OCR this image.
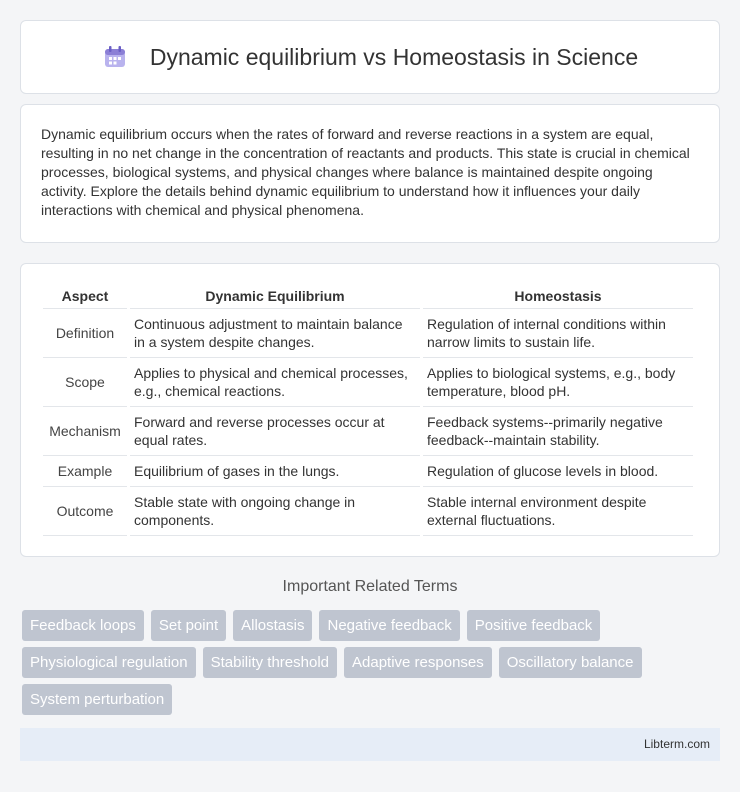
Dynamic equilibrium vs Homeostasis in Science

Dynamic equilibrium occurs when the rates of forward and reverse reactions in a system are equal, resulting in no net change in the concentration of reactants and products. This state is crucial in chemical processes, biological systems, and physical changes where balance is maintained despite ongoing activity. Explore the details behind dynamic equilibrium to understand how it influences your daily interactions with chemical and physical phenomena.

Aspect	Dynamic Equilibrium	Homeostasis
Definition	Continuous adjustment to maintain balance in a system despite changes.	Regulation of internal conditions within narrow limits to sustain life.
Scope	Applies to physical and chemical processes, e.g., chemical reactions.	Applies to biological systems, e.g., body temperature, blood pH.
Mechanism	Forward and reverse processes occur at equal rates.	Feedback systems--primarily negative feedback--maintain stability.
Example	Equilibrium of gases in the lungs.	Regulation of glucose levels in blood.
Outcome	Stable state with ongoing change in components.	Stable internal environment despite external fluctuations.
Important Related Terms
Feedback loops	Set point	Allostasis	Negative feedback	Positive feedback
Physiological regulation	Stability threshold	Adaptive responses	Oscillatory balance
System perturbation
Libterm.com
